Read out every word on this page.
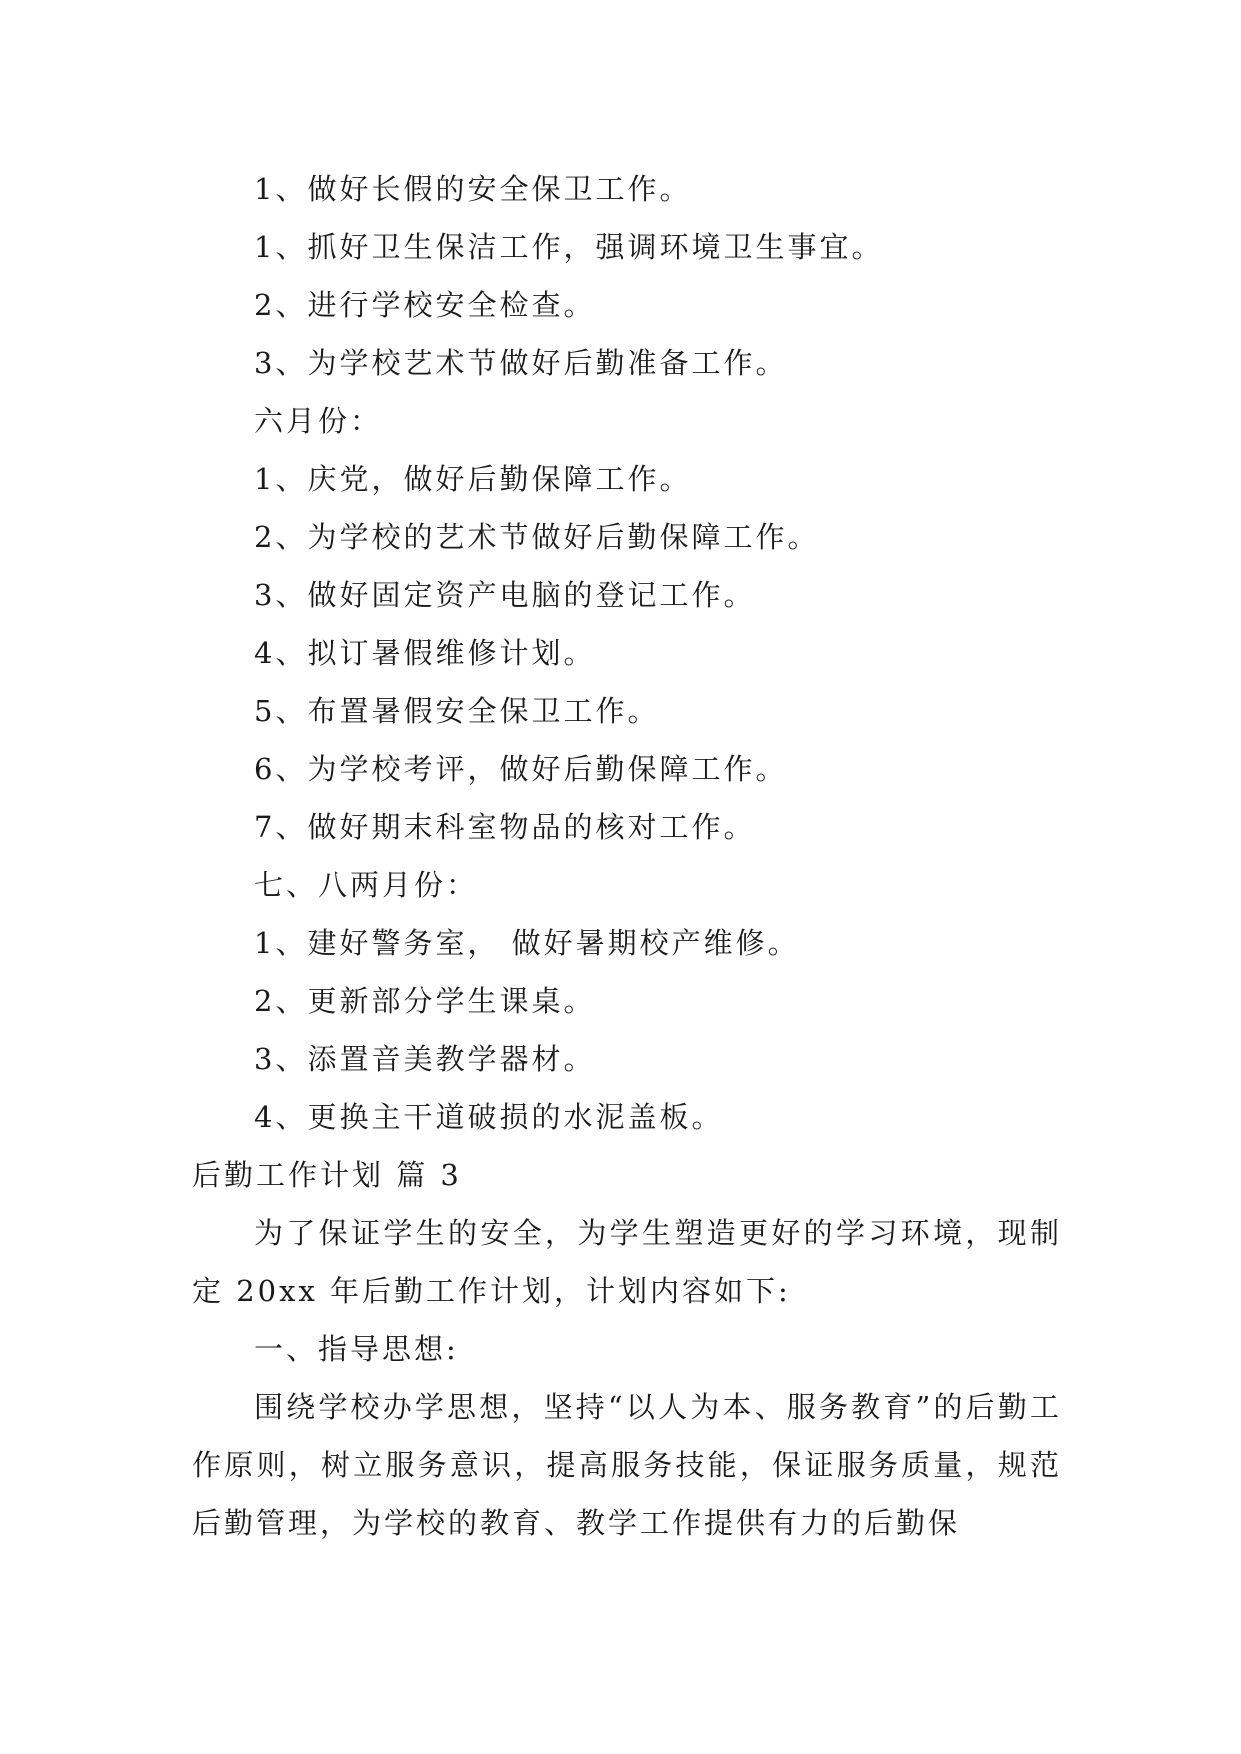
1、做好长假的安全保卫工作。
1、抓好卫生保洁工作，强调环境卫生事宜。
2、进行学校安全检查。
3、为学校艺术节做好后勤准备工作。
六月份：
1、庆党，做好后勤保障工作。
2、为学校的艺术节做好后勤保障工作。
3、做好固定资产电脑的登记工作。
4、拟订暑假维修计划。
5、布置暑假安全保卫工作。
6、为学校考评，做好后勤保障工作。
7、做好期末科室物品的核对工作。
七、八两月份：
1、建好警务室， 做好暑期校产维修。
2、更新部分学生课桌。
3、添置音美教学器材。
4、更换主干道破损的水泥盖板。
后勤工作计划 篇 3
为了保证学生的安全，为学生塑造更好的学习环境，现制定 20xx 年后勤工作计划，计划内容如下:
一、指导思想:
围绕学校办学思想，坚持“以人为本、服务教育”的后勤工作原则，树立服务意识，提高服务技能，保证服务质量，规范后勤管理，为学校的教育、教学工作提供有力的后勤保
